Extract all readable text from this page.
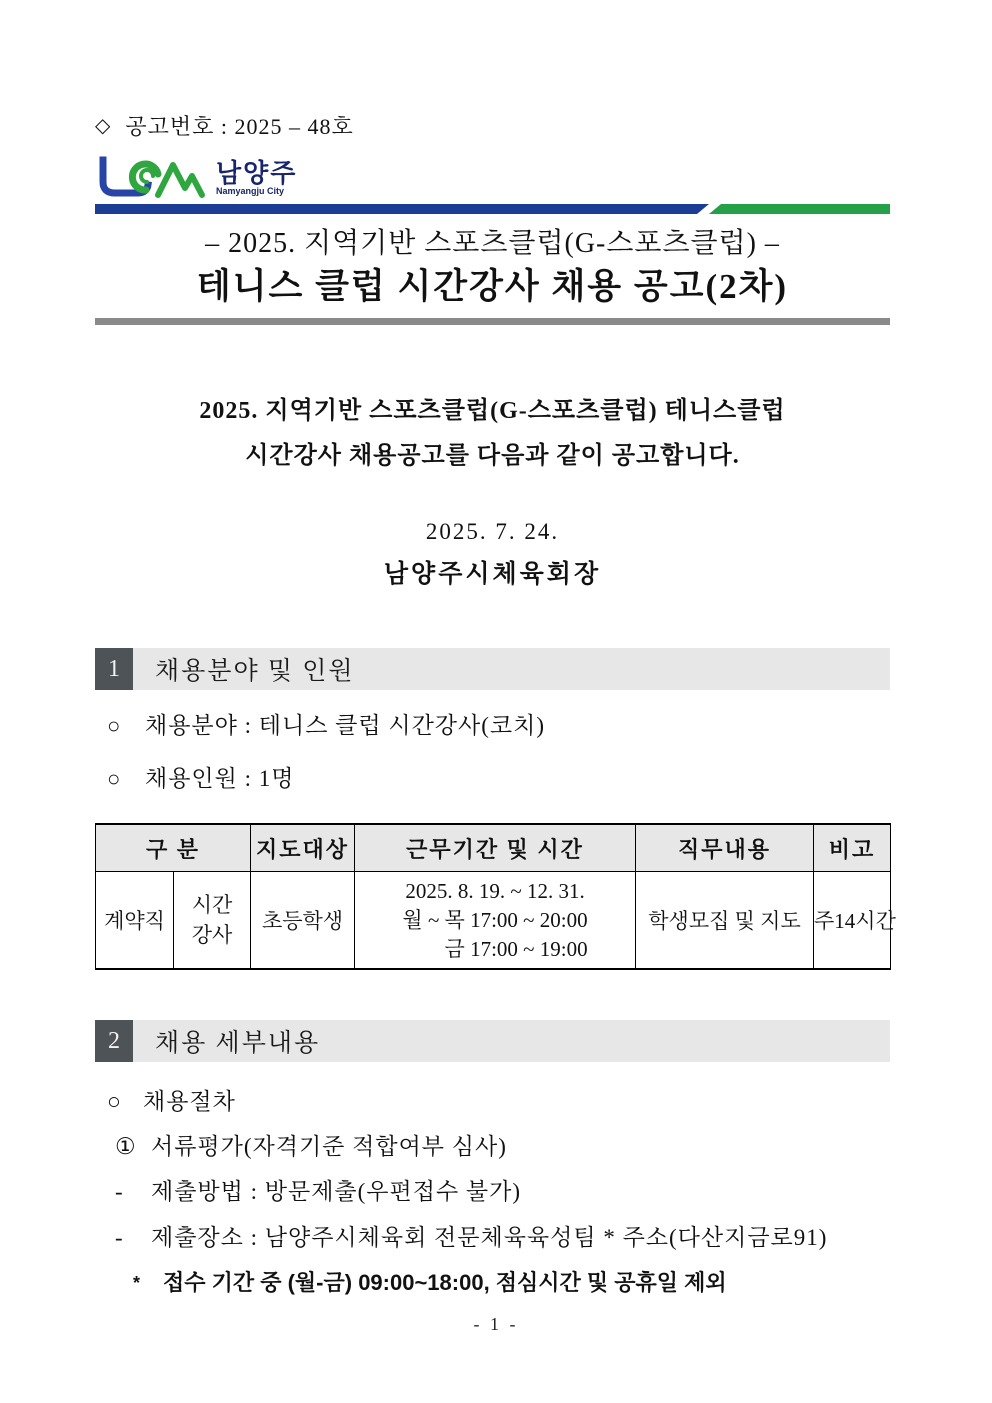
◇ 공고번호 : 2025 – 48호
남양주
Namyangju City
– 2025. 지역기반 스포츠클럽(G-스포츠클럽) –
테니스 클럽 시간강사 채용 공고(2차)
2025. 지역기반 스포츠클럽(G-스포츠클럽) 테니스클럽
시간강사 채용공고를 다음과 같이 공고합니다.
2025. 7. 24.
남양주시체육회장
1	채용분야 및 인원
○	채용분야 : 테니스 클럽 시간강사(코치)
○	채용인원 : 1명
구 분		지도대상	근무기간 및 시간	직무내용	비고
계약직	시간강사	초등학생	2025. 8. 19. ~ 12. 31.
월 ~ 목 17:00 ~ 20:00
금 17:00 ~ 19:00	학생모집 및 지도	주14시간
2	채용 세부내용
○ 채용절차
① 서류평가(자격기준 적합여부 심사)
-	제출방법 : 방문제출(우편접수 불가)
-	제출장소 : 남양주시체육회 전문체육육성팀 * 주소(다산지금로91)
*	접수 기간 중 (월-금) 09:00~18:00, 점심시간 및 공휴일 제외
- 1 -
